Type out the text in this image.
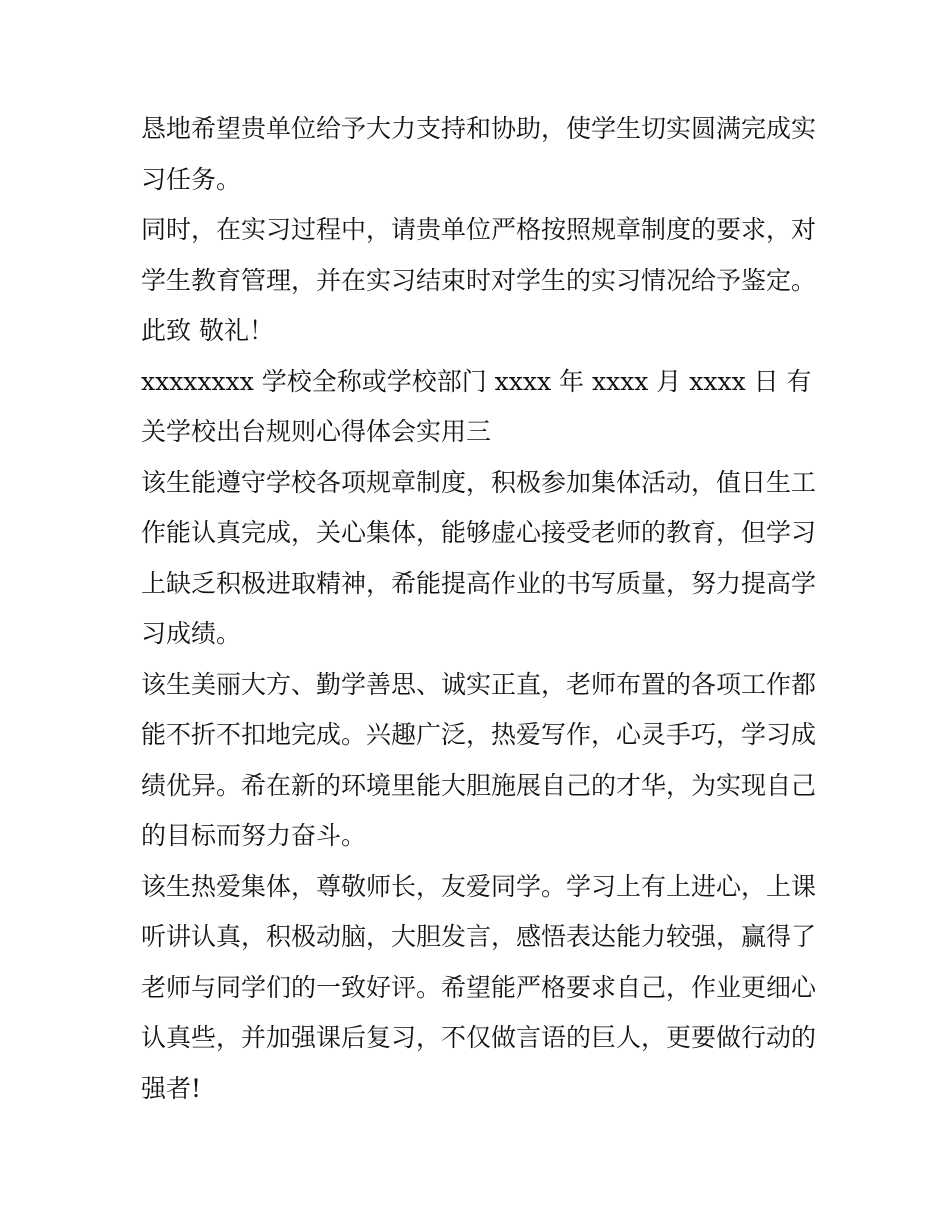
恳地希望贵单位给予大力支持和协助，使学生切实圆满完成实习任务。

同时，在实习过程中，请贵单位严格按照规章制度的要求，对学生教育管理，并在实习结束时对学生的实习情况给予鉴定。

此致 敬礼！

xxxxxxxx 学校全称或学校部门 xxxx 年 xxxx 月 xxxx 日 有关学校出台规则心得体会实用三

该生能遵守学校各项规章制度，积极参加集体活动，值日生工作能认真完成，关心集体，能够虚心接受老师的教育，但学习上缺乏积极进取精神，希能提高作业的书写质量，努力提高学习成绩。

该生美丽大方、勤学善思、诚实正直，老师布置的各项工作都能不折不扣地完成。兴趣广泛，热爱写作，心灵手巧，学习成绩优异。希在新的环境里能大胆施展自己的才华，为实现自己的目标而努力奋斗。

该生热爱集体，尊敬师长，友爱同学。学习上有上进心，上课听讲认真，积极动脑，大胆发言，感悟表达能力较强，赢得了老师与同学们的一致好评。希望能严格要求自己，作业更细心认真些，并加强课后复习，不仅做言语的巨人，更要做行动的强者!
